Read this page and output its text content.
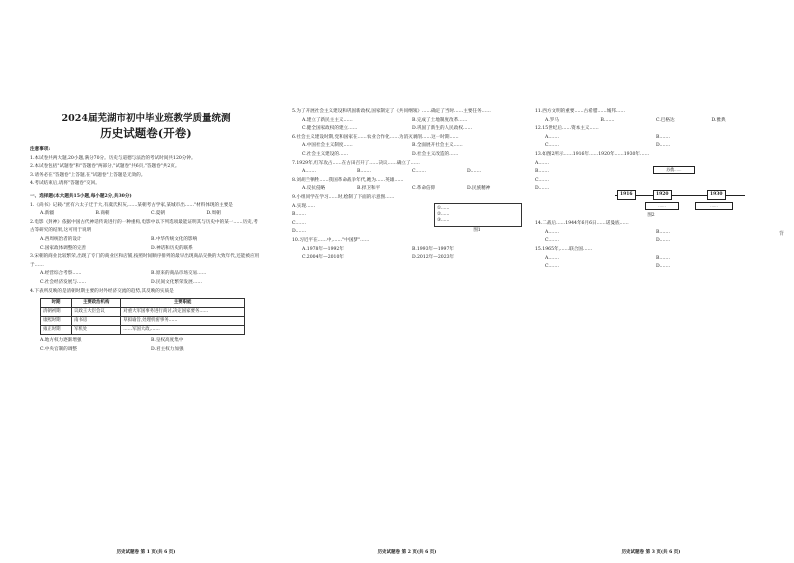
2024届芜湖市初中毕业班教学质量统测
历史试题卷(开卷)
注意事项:
1.本试卷共两大题,20小题,满分70分。历史与道德与法治的考试时间共120分钟。
2.本试卷包括"试题卷"和"答题卷"两部分,"试题卷"共6页,"答题卷"共2页。
3.请务必在"答题卷"上答题,在"试题卷"上答题是无效的。
4.考试结束后,请将"答题卷"交回。
一、选择题(本大题共15小题,每小题2分,共30分)
1.《尚书》记载:"庶有六太子迁于大,有虞氏积灰,……某朝考古学家,某城市出……"材料体现的主要是
A.新疆	B.商朝	C.夏朝	D.周朝
2.电影《封神》依据中国古代神话传说进行的一种重构,电影中以下列选项最能证明其与历史中的某一……历史,考古等研究的结果,这可用于说明
A.西周统治者的设计	B.中华传统文化的影响
C.国家政体调整的完善	D.神话和历史的联系
3.宋朝的商业比较繁荣,出现了专门的商业区和店铺,按照时间顺序排列的最早出现商品交换的大致年代,还能被应用于……
A.经营综合考察……	B.原来的商品市场交易……
C.社会经济发展与……	D.民间文化繁荣发展……
4.下表所反映的是清朝时期主要的对外经济交流的趋势,其反映的实质是
时期	主要政治机构	主要职能
清朝初期	议政王大臣会议	对重大军国事务进行商讨,决定国家要务……
康熙时期	南书房	草拟谕旨,处理机密事务……
雍正时期	军机处	……军国大政,……
A.地方权力逐渐增强	B.皇权高度集中
C.中央官制的调整	D.君主权力加强
5.为了开展社会主义建设和巩固新政权,国家制定了《共同纲领》……确定了当时……主要任务……
A.建立了新民主主义……	B.完成了土地制度改革……
C.健全国家政权的建立……	D.巩固了新生的人民政权……
6.社会主义建设时期,党和国家在……农业合作化……为消灭剥削……这一时期……
A.中国社会主义制度……	B.全面展开社会主义……
C.社会主义建设的……	D.社会主义改造的……
7.1929年,红军攻占……在古田召开了……决议……确立了……
A.……	B.……	C.……	D.……
8.刘胡兰牺牲……我国革命战争年代,她为……英雄……
A.反抗侵略	B.捍卫和平	C.革命信仰	D.民族精神
9.小组同学在学习……时,绘制了下面的示意图……
A.实现……
B.……
C.……
D.……
①……
②……
③……
图1
10.习近平在……中,……"中国梦"……
A.1978年—1992年	B.1993年—1997年
C.2004年—2010年	D.2012年—2023年
11.西方文明的重要……古希腊……城邦……
A.罗马	B.……	C.巴格达	D.雅典
12.15世纪后……资本主义……
A.……	B.……
C.……	D.……
13.如图2所示……1916年……1920年……1930年……
A.……
B.……
C.……
D.……
苏俄……
……	……
1916	1920	1930
图2
14.二战后……1944年6月6日……诺曼底……
A.……	B.……
C.……	D.……
15.1965年,……联合国……
A.……	B.……
C.……	D.……
历史试题卷 第 1 页(共 6 页)	历史试题卷 第 2 页(共 6 页)	历史试题卷 第 3 页(共 6 页)
背
